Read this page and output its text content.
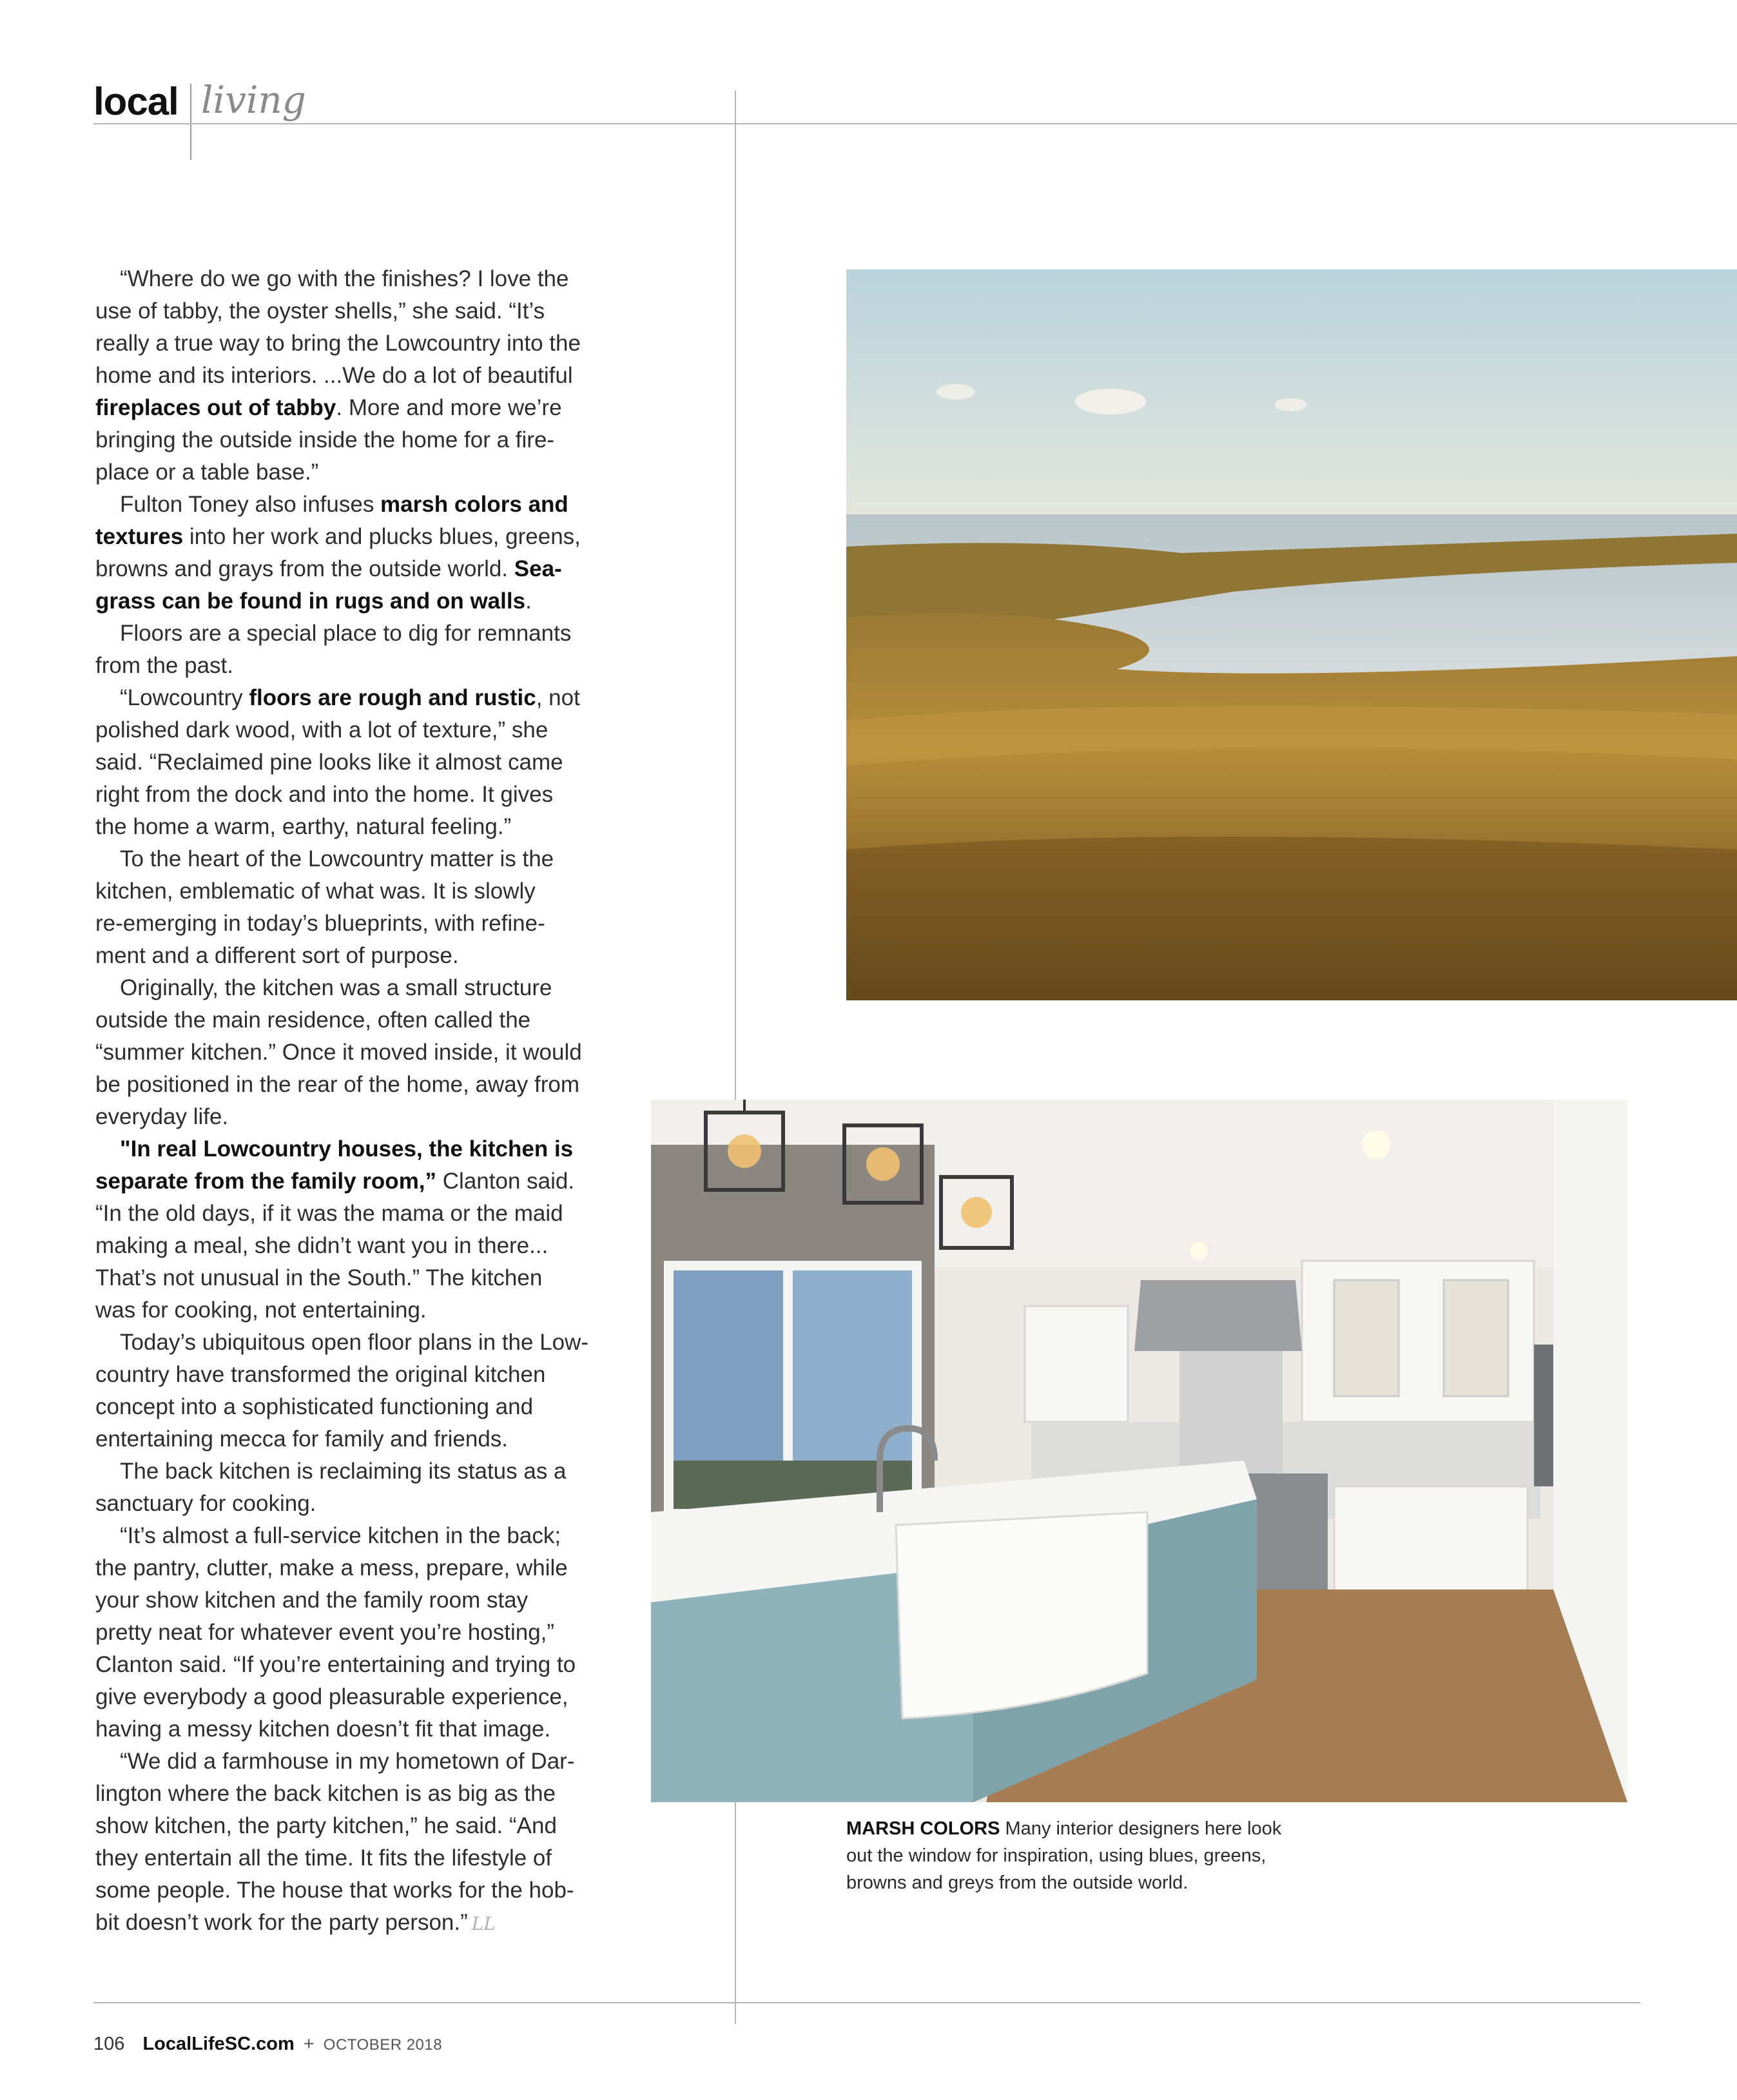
local living

“Where do we go with the finishes? I love the

use of tabby, the oyster shells,” she said. “It’s

really a true way to bring the Lowcountry into the

home and its interiors. ...We do a lot of beautiful

fireplaces out of tabby. More and more we’re

bringing the outside inside the home for a fire-

place or a table base.”

Fulton Toney also infuses marsh colors and

textures into her work and plucks blues, greens,

browns and grays from the outside world. Sea-

grass can be found in rugs and on walls.

Floors are a special place to dig for remnants

from the past.

“Lowcountry floors are rough and rustic, not

polished dark wood, with a lot of texture,” she

said. “Reclaimed pine looks like it almost came

right from the dock and into the home. It gives

the home a warm, earthy, natural feeling.”

To the heart of the Lowcountry matter is the

kitchen, emblematic of what was. It is slowly

re-emerging in today’s blueprints, with refine-

ment and a different sort of purpose.

Originally, the kitchen was a small structure

outside the main residence, often called the

“summer kitchen.” Once it moved inside, it would

be positioned in the rear of the home, away from

everyday life.

"In real Lowcountry houses, the kitchen is

separate from the family room,” Clanton said.

“In the old days, if it was the mama or the maid

making a meal, she didn’t want you in there...

That’s not unusual in the South.” The kitchen

was for cooking, not entertaining.

Today’s ubiquitous open floor plans in the Low-

country have transformed the original kitchen

concept into a sophisticated functioning and

entertaining mecca for family and friends.

The back kitchen is reclaiming its status as a

sanctuary for cooking.

“It’s almost a full-service kitchen in the back;

the pantry, clutter, make a mess, prepare, while

your show kitchen and the family room stay

pretty neat for whatever event you’re hosting,”

Clanton said. “If you’re entertaining and trying to

give everybody a good pleasurable experience,

having a messy kitchen doesn’t fit that image.

“We did a farmhouse in my hometown of Dar-

lington where the back kitchen is as big as the

show kitchen, the party kitchen,” he said. “And

they entertain all the time. It fits the lifestyle of

some people. The house that works for the hob-

bit doesn’t work for the party person.” LL

MARSH COLORS Many interior designers here look
out the window for inspiration, using blues, greens,
browns and greys from the outside world.
106 LocalLifeSC.com + OCTOBER 2018
